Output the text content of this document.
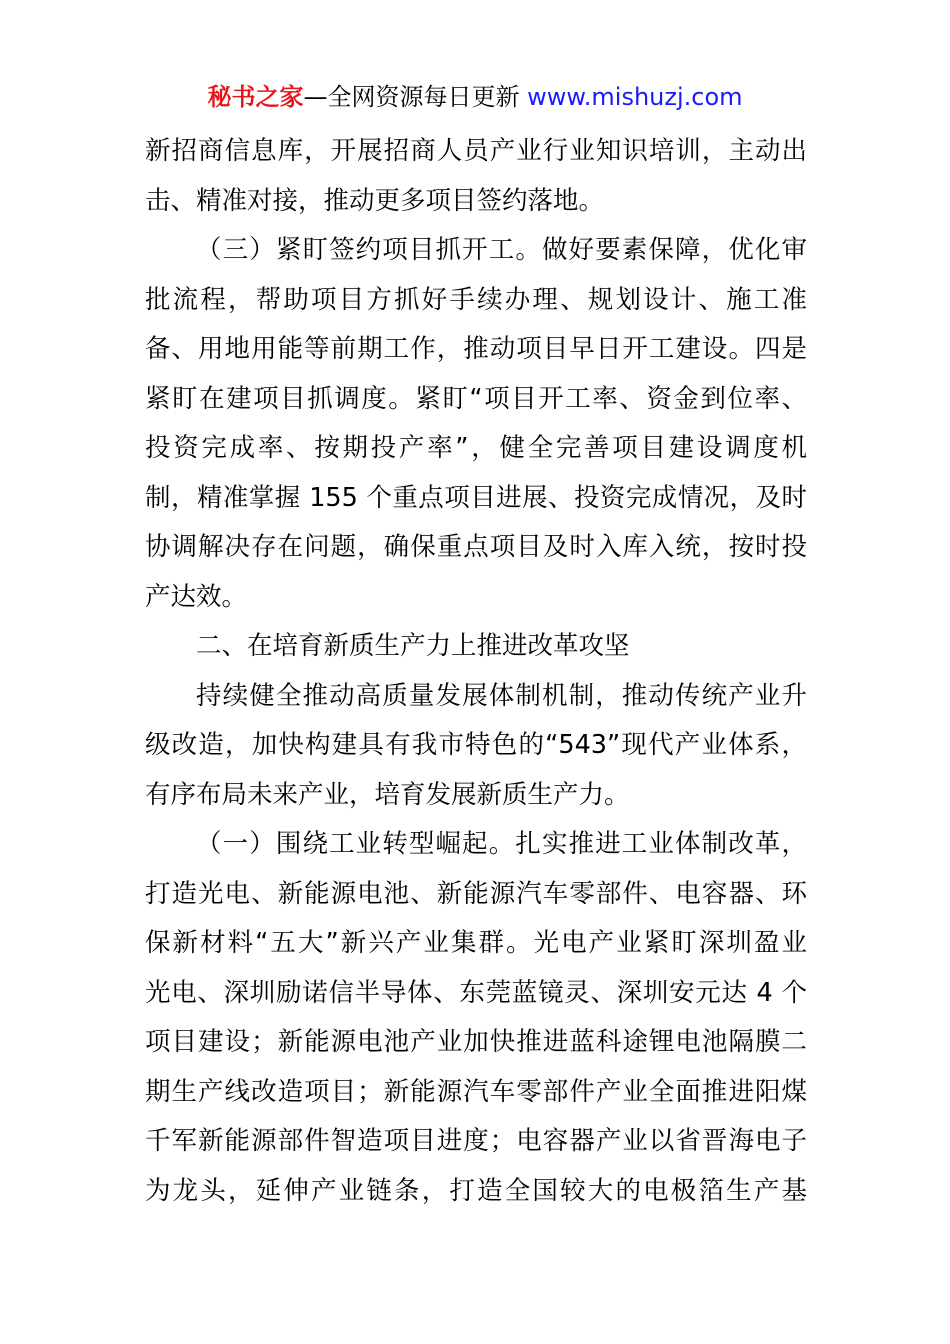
秘书之家—全网资源每日更新 www.mishuzj.com
新招商信息库，开展招商人员产业行业知识培训，主动出
击、精准对接，推动更多项目签约落地。
（三）紧盯签约项目抓开工。做好要素保障，优化审
批流程，帮助项目方抓好手续办理、规划设计、施工准
备、用地用能等前期工作，推动项目早日开工建设。四是
紧盯在建项目抓调度。紧盯“项目开工率、资金到位率、
投资完成率、按期投产率”，健全完善项目建设调度机
制，精准掌握 155 个重点项目进展、投资完成情况，及时
协调解决存在问题，确保重点项目及时入库入统，按时投
产达效。
二、在培育新质生产力上推进改革攻坚
持续健全推动高质量发展体制机制，推动传统产业升
级改造，加快构建具有我市特色的“543”现代产业体系，
有序布局未来产业，培育发展新质生产力。
（一）围绕工业转型崛起。扎实推进工业体制改革，
打造光电、新能源电池、新能源汽车零部件、电容器、环
保新材料“五大”新兴产业集群。光电产业紧盯深圳盈业
光电、深圳励诺信半导体、东莞蓝镜灵、深圳安元达 4 个
项目建设；新能源电池产业加快推进蓝科途锂电池隔膜二
期生产线改造项目；新能源汽车零部件产业全面推进阳煤
千军新能源部件智造项目进度；电容器产业以省晋海电子
为龙头，延伸产业链条，打造全国较大的电极箔生产基
